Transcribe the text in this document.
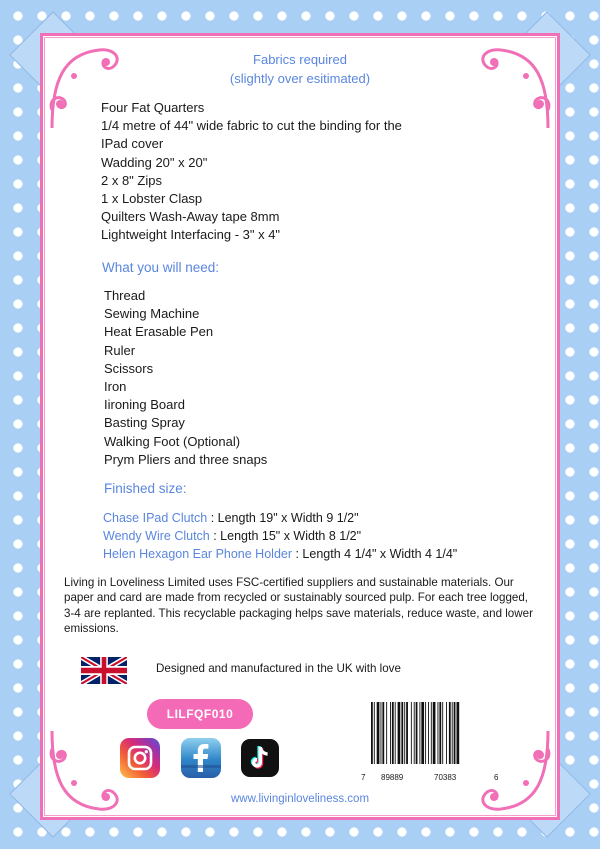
Fabrics required
(slightly over esitimated)
Four Fat Quarters
1/4 metre of 44" wide fabric to cut the binding for the
IPad cover
Wadding 20" x 20"
2 x 8" Zips
1 x Lobster Clasp
Quilters Wash-Away tape 8mm
Lightweight Interfacing - 3" x 4"
What you will need:
Thread
Sewing Machine
Heat Erasable Pen
Ruler
Scissors
Iron
Iironing Board
Basting Spray
Walking Foot (Optional)
Prym Pliers and three snaps
Finished size:
Chase IPad Clutch : Length 19" x Width 9 1/2"
Wendy Wire Clutch : Length 15" x Width 8 1/2"
Helen Hexagon Ear Phone Holder : Length 4 1/4" x Width 4 1/4"
Living in Loveliness Limited uses FSC-certified suppliers and sustainable materials. Our paper and card are made from recycled or sustainably sourced pulp. For each tree logged, 3-4 are replanted. This recyclable packaging helps save materials, reduce waste, and lower emissions.
Designed and manufactured in the UK with love
LILFQF010
7 89889	70383	6
www.livinginloveliness.com
